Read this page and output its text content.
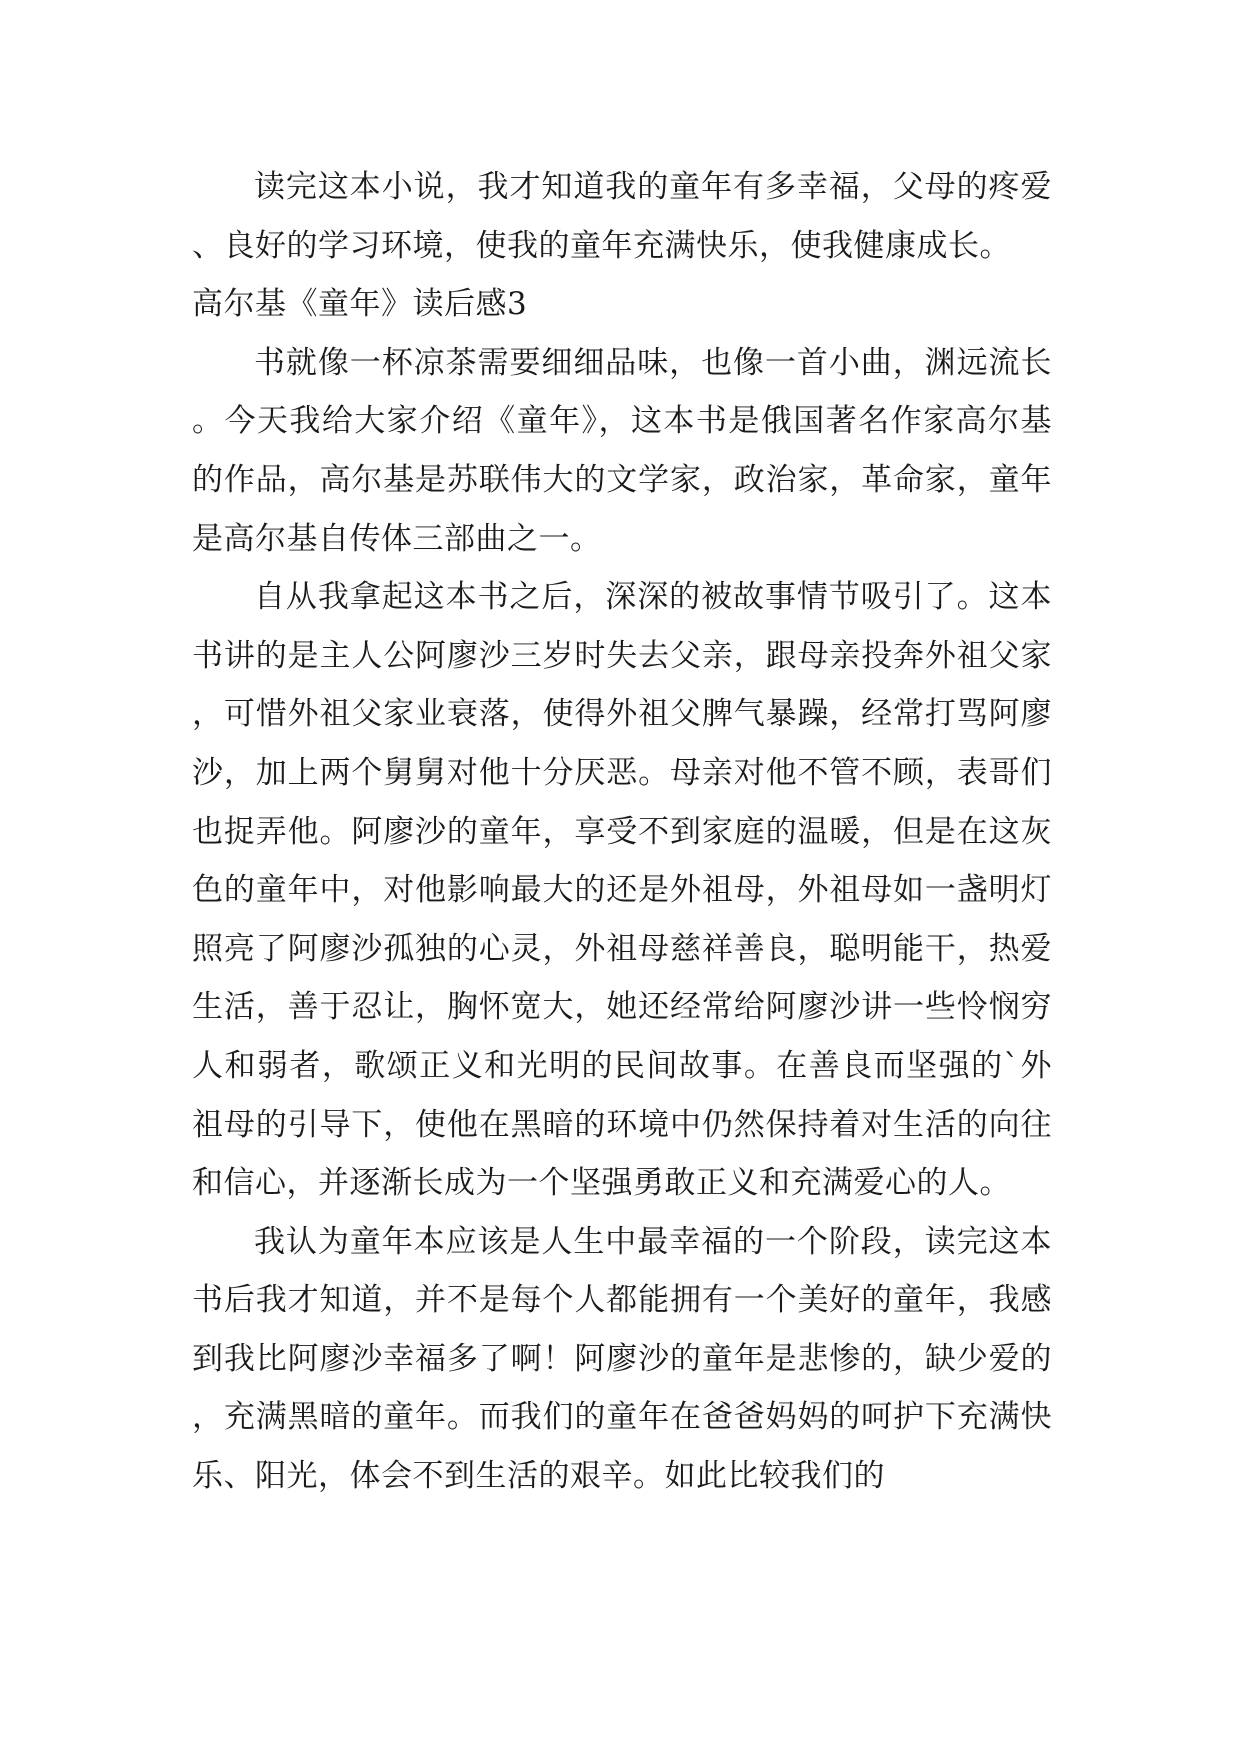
读完这本小说，我才知道我的童年有多幸福，父母的疼爱、良好的学习环境，使我的童年充满快乐，使我健康成长。

高尔基《童年》读后感3

书就像一杯凉茶需要细细品味，也像一首小曲，渊远流长。今天我给大家介绍《童年》，这本书是俄国著名作家高尔基的作品，高尔基是苏联伟大的文学家，政治家，革命家，童年是高尔基自传体三部曲之一。

自从我拿起这本书之后，深深的被故事情节吸引了。这本书讲的是主人公阿廖沙三岁时失去父亲，跟母亲投奔外祖父家，可惜外祖父家业衰落，使得外祖父脾气暴躁，经常打骂阿廖沙，加上两个舅舅对他十分厌恶。母亲对他不管不顾，表哥们也捉弄他。阿廖沙的童年，享受不到家庭的温暖，但是在这灰色的童年中，对他影响最大的还是外祖母，外祖母如一盏明灯照亮了阿廖沙孤独的心灵，外祖母慈祥善良，聪明能干，热爱生活，善于忍让，胸怀宽大，她还经常给阿廖沙讲一些怜悯穷人和弱者，歌颂正义和光明的民间故事。在善良而坚强的`外祖母的引导下，使他在黑暗的环境中仍然保持着对生活的向往和信心，并逐渐长成为一个坚强勇敢正义和充满爱心的人。

我认为童年本应该是人生中最幸福的一个阶段，读完这本书后我才知道，并不是每个人都能拥有一个美好的童年，我感到我比阿廖沙幸福多了啊！阿廖沙的童年是悲惨的，缺少爱的，充满黑暗的童年。而我们的童年在爸爸妈妈的呵护下充满快乐、阳光，体会不到生活的艰辛。如此比较我们的
